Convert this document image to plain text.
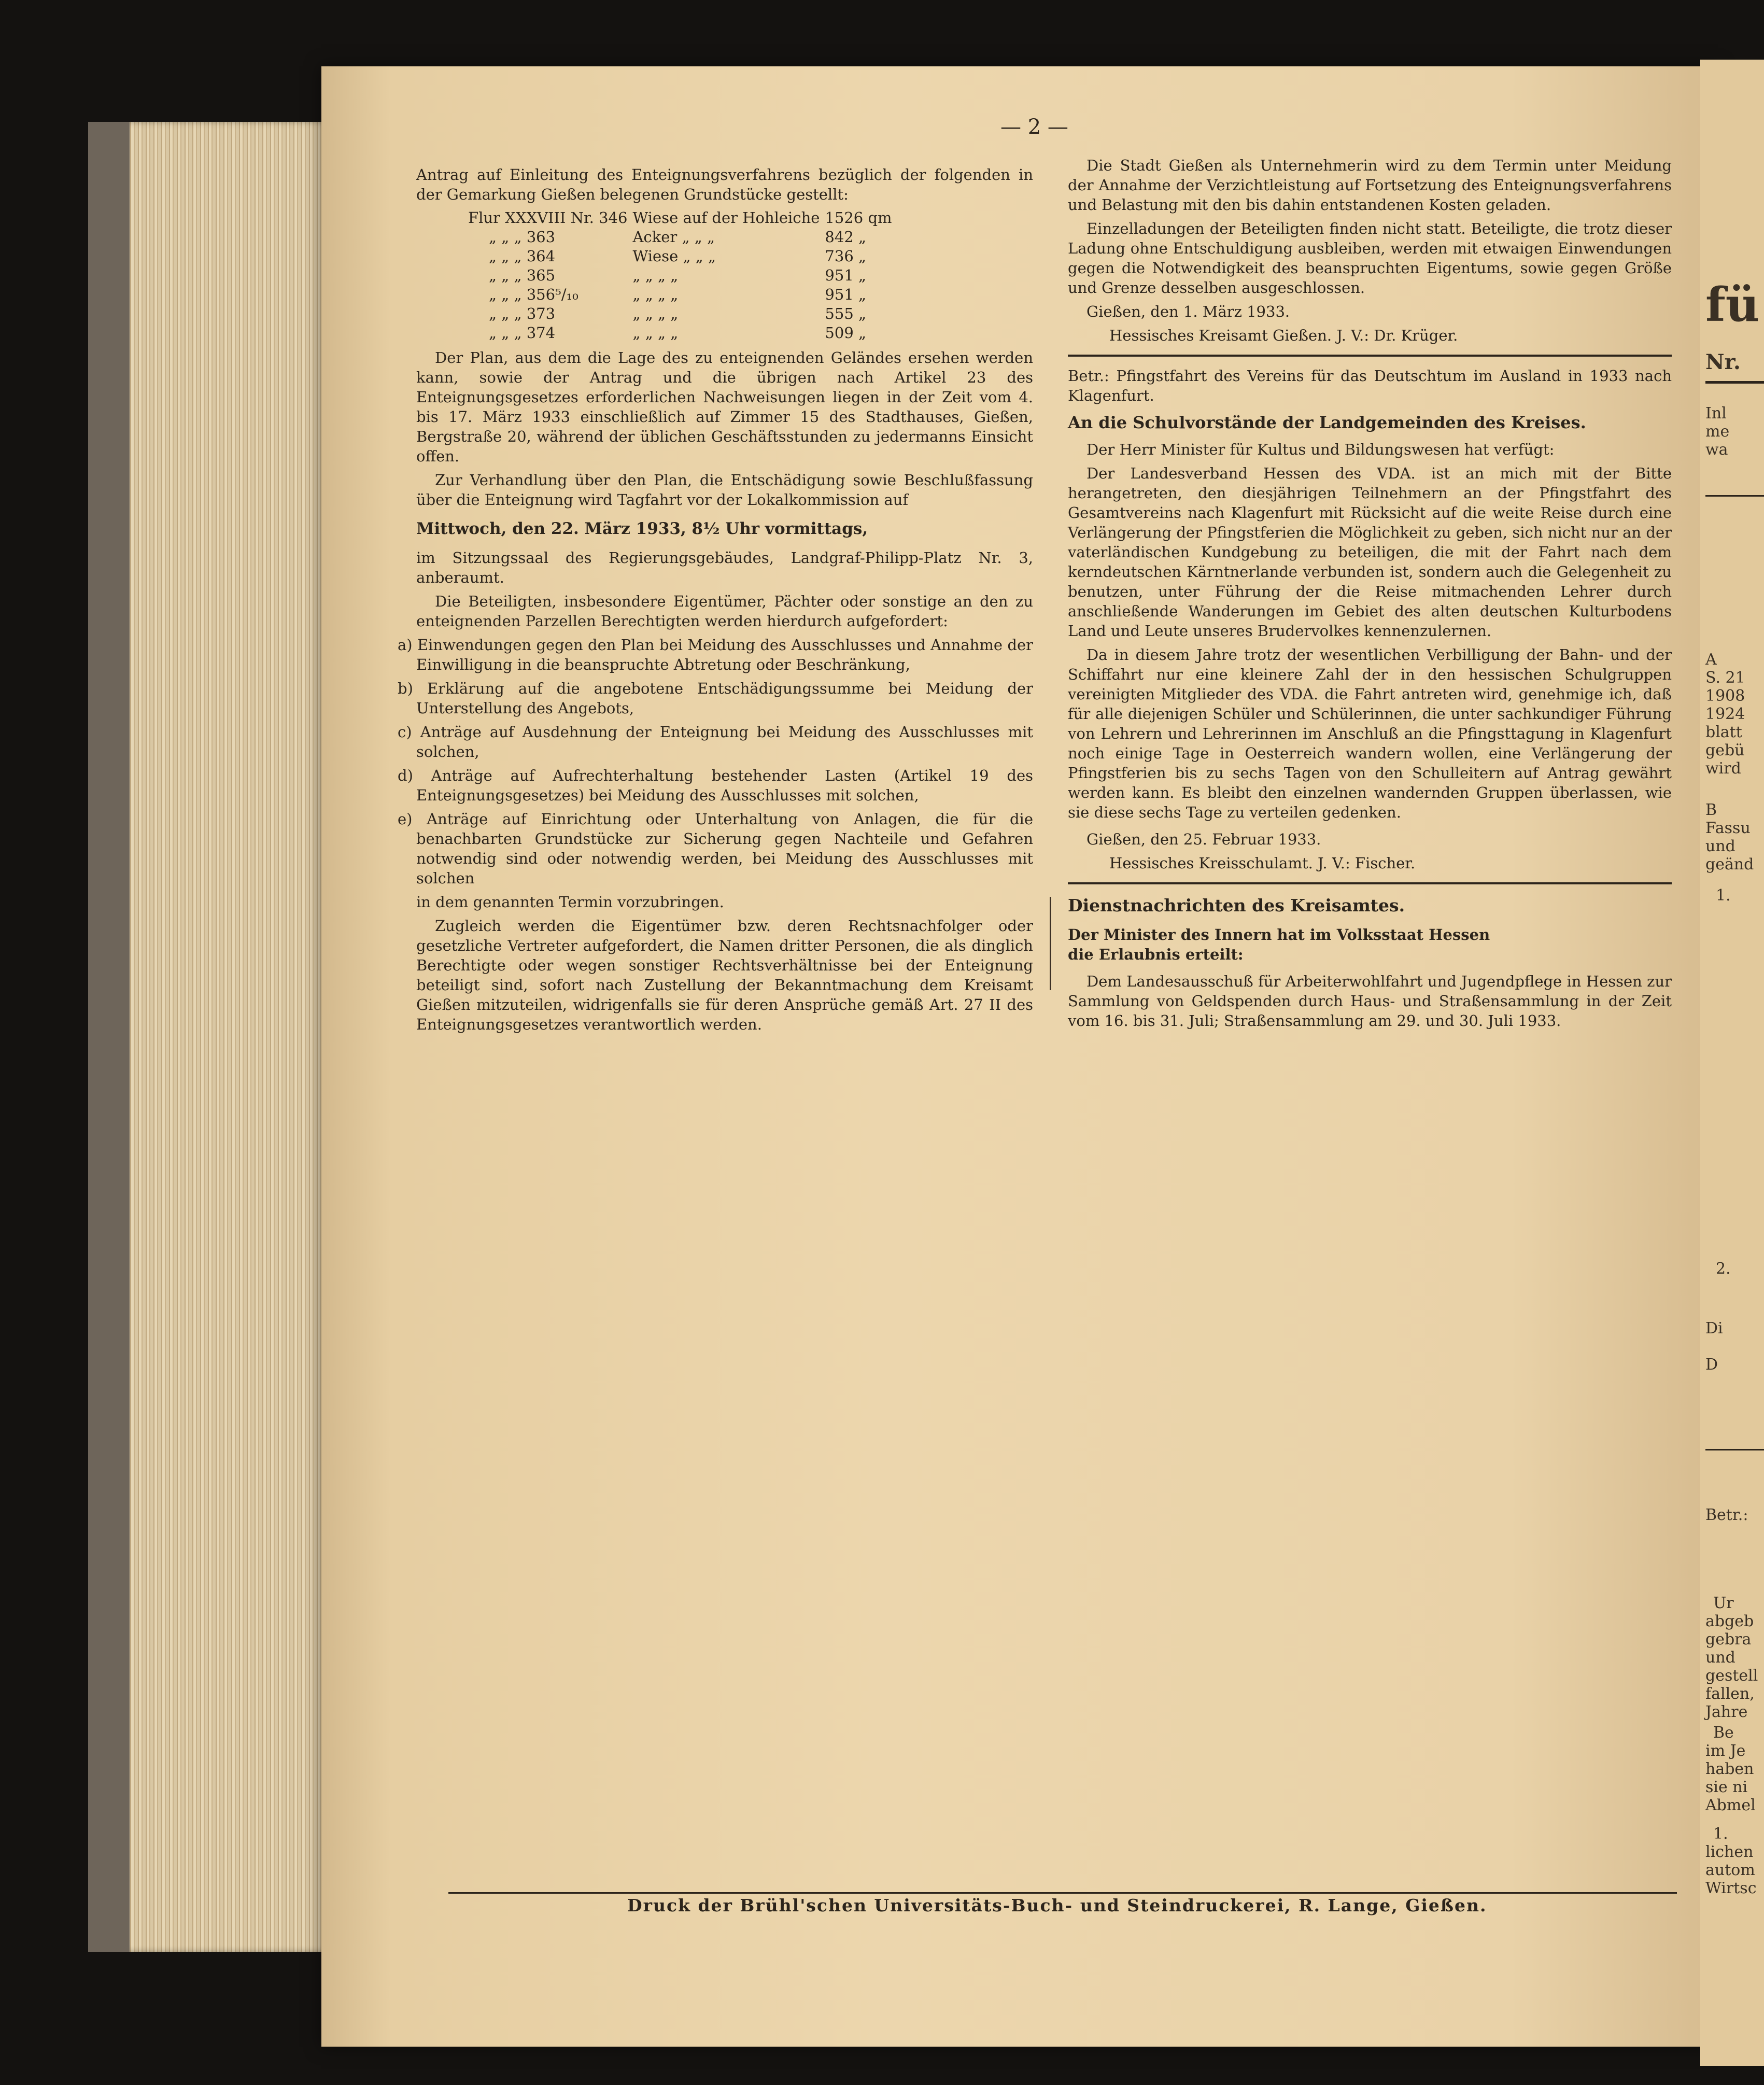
fü
Nr.
Inl
me
wa
A
S. 21
1908
1924
blatt
gebü
wird
B
Fassu
und
geänd
1.
2.
Di
D
Betr.:
Ur
abgeb
gebra
und
gestell
fallen,
Jahre
Be
im Je
haben
sie ni
Abmel
1.
lichen
autom
Wirtsc
— 2 —

Antrag auf Einleitung des Enteignungsverfahrens bezüglich der folgenden in der Gemarkung Gießen belegenen Grundstücke gestellt:

Flur XXXVIII Nr. 346	Wiese auf der Hohleiche	1526 qm
„ „ „ 363	Acker „ „ „	842 „
„ „ „ 364	Wiese „ „ „	736 „
„ „ „ 365	„ „ „ „	951 „
„ „ „ 356⁵/₁₀	„ „ „ „	951 „
„ „ „ 373	„ „ „ „	555 „
„ „ „ 374	„ „ „ „	509 „

Der Plan, aus dem die Lage des zu enteignenden Geländes ersehen werden kann, sowie der Antrag und die übrigen nach Artikel 23 des Enteignungsgesetzes erforderlichen Nachweisungen liegen in der Zeit vom 4. bis 17. März 1933 einschließlich auf Zimmer 15 des Stadthauses, Gießen, Bergstraße 20, während der üblichen Geschäftsstunden zu jedermanns Einsicht offen.

Zur Verhandlung über den Plan, die Entschädigung sowie Beschlußfassung über die Enteignung wird Tagfahrt vor der Lokalkommission auf

Mittwoch, den 22. März 1933, 8½ Uhr vormittags,

im Sitzungssaal des Regierungsgebäudes, Landgraf-Philipp-Platz Nr. 3, anberaumt.

Die Beteiligten, insbesondere Eigentümer, Pächter oder sonstige an den zu enteignenden Parzellen Berechtigten werden hierdurch aufgefordert:

a) Einwendungen gegen den Plan bei Meidung des Ausschlusses und Annahme der Einwilligung in die beanspruchte Abtretung oder Beschränkung,

b) Erklärung auf die angebotene Entschädigungssumme bei Meidung der Unterstellung des Angebots,

c) Anträge auf Ausdehnung der Enteignung bei Meidung des Ausschlusses mit solchen,

d) Anträge auf Aufrechterhaltung bestehender Lasten (Artikel 19 des Enteignungsgesetzes) bei Meidung des Ausschlusses mit solchen,

e) Anträge auf Einrichtung oder Unterhaltung von Anlagen, die für die benachbarten Grundstücke zur Sicherung gegen Nachteile und Gefahren notwendig sind oder notwendig werden, bei Meidung des Ausschlusses mit solchen

in dem genannten Termin vorzubringen.

Zugleich werden die Eigentümer bzw. deren Rechtsnachfolger oder gesetzliche Vertreter aufgefordert, die Namen dritter Personen, die als dinglich Berechtigte oder wegen sonstiger Rechtsverhältnisse bei der Enteignung beteiligt sind, sofort nach Zustellung der Bekanntmachung dem Kreisamt Gießen mitzuteilen, widrigenfalls sie für deren Ansprüche gemäß Art. 27 II des Enteignungsgesetzes verantwortlich werden.

Die Stadt Gießen als Unternehmerin wird zu dem Termin unter Meidung der Annahme der Verzichtleistung auf Fortsetzung des Enteignungsverfahrens und Belastung mit den bis dahin entstandenen Kosten geladen.

Einzelladungen der Beteiligten finden nicht statt. Beteiligte, die trotz dieser Ladung ohne Entschuldigung ausbleiben, werden mit etwaigen Einwendungen gegen die Notwendigkeit des beanspruchten Eigentums, sowie gegen Größe und Grenze desselben ausgeschlossen.

Gießen, den 1. März 1933.

Hessisches Kreisamt Gießen. J. V.: Dr. Krüger.

Betr.: Pfingstfahrt des Vereins für das Deutschtum im Ausland in 1933 nach Klagenfurt.

An die Schulvorstände der Landgemeinden des Kreises.

Der Herr Minister für Kultus und Bildungswesen hat verfügt:

Der Landesverband Hessen des VDA. ist an mich mit der Bitte herangetreten, den diesjährigen Teilnehmern an der Pfingstfahrt des Gesamtvereins nach Klagenfurt mit Rücksicht auf die weite Reise durch eine Verlängerung der Pfingstferien die Möglichkeit zu geben, sich nicht nur an der vaterländischen Kundgebung zu beteiligen, die mit der Fahrt nach dem kerndeutschen Kärntnerlande verbunden ist, sondern auch die Gelegenheit zu benutzen, unter Führung der die Reise mitmachenden Lehrer durch anschließende Wanderungen im Gebiet des alten deutschen Kulturbodens Land und Leute unseres Brudervolkes kennenzulernen.

Da in diesem Jahre trotz der wesentlichen Verbilligung der Bahn- und der Schiffahrt nur eine kleinere Zahl der in den hessischen Schulgruppen vereinigten Mitglieder des VDA. die Fahrt antreten wird, genehmige ich, daß für alle diejenigen Schüler und Schülerinnen, die unter sachkundiger Führung von Lehrern und Lehrerinnen im Anschluß an die Pfingsttagung in Klagenfurt noch einige Tage in Oesterreich wandern wollen, eine Verlängerung der Pfingstferien bis zu sechs Tagen von den Schulleitern auf Antrag gewährt werden kann. Es bleibt den einzelnen wandernden Gruppen überlassen, wie sie diese sechs Tage zu verteilen gedenken.

Gießen, den 25. Februar 1933.

Hessisches Kreisschulamt. J. V.: Fischer.

Dienstnachrichten des Kreisamtes.

Der Minister des Innern hat im Volksstaat Hessen

die Erlaubnis erteilt:

Dem Landesausschuß für Arbeiterwohlfahrt und Jugendpflege in Hessen zur Sammlung von Geldspenden durch Haus- und Straßensammlung in der Zeit vom 16. bis 31. Juli; Straßensammlung am 29. und 30. Juli 1933.

Druck der Brühl'schen Universitäts-Buch- und Steindruckerei, R. Lange, Gießen.
